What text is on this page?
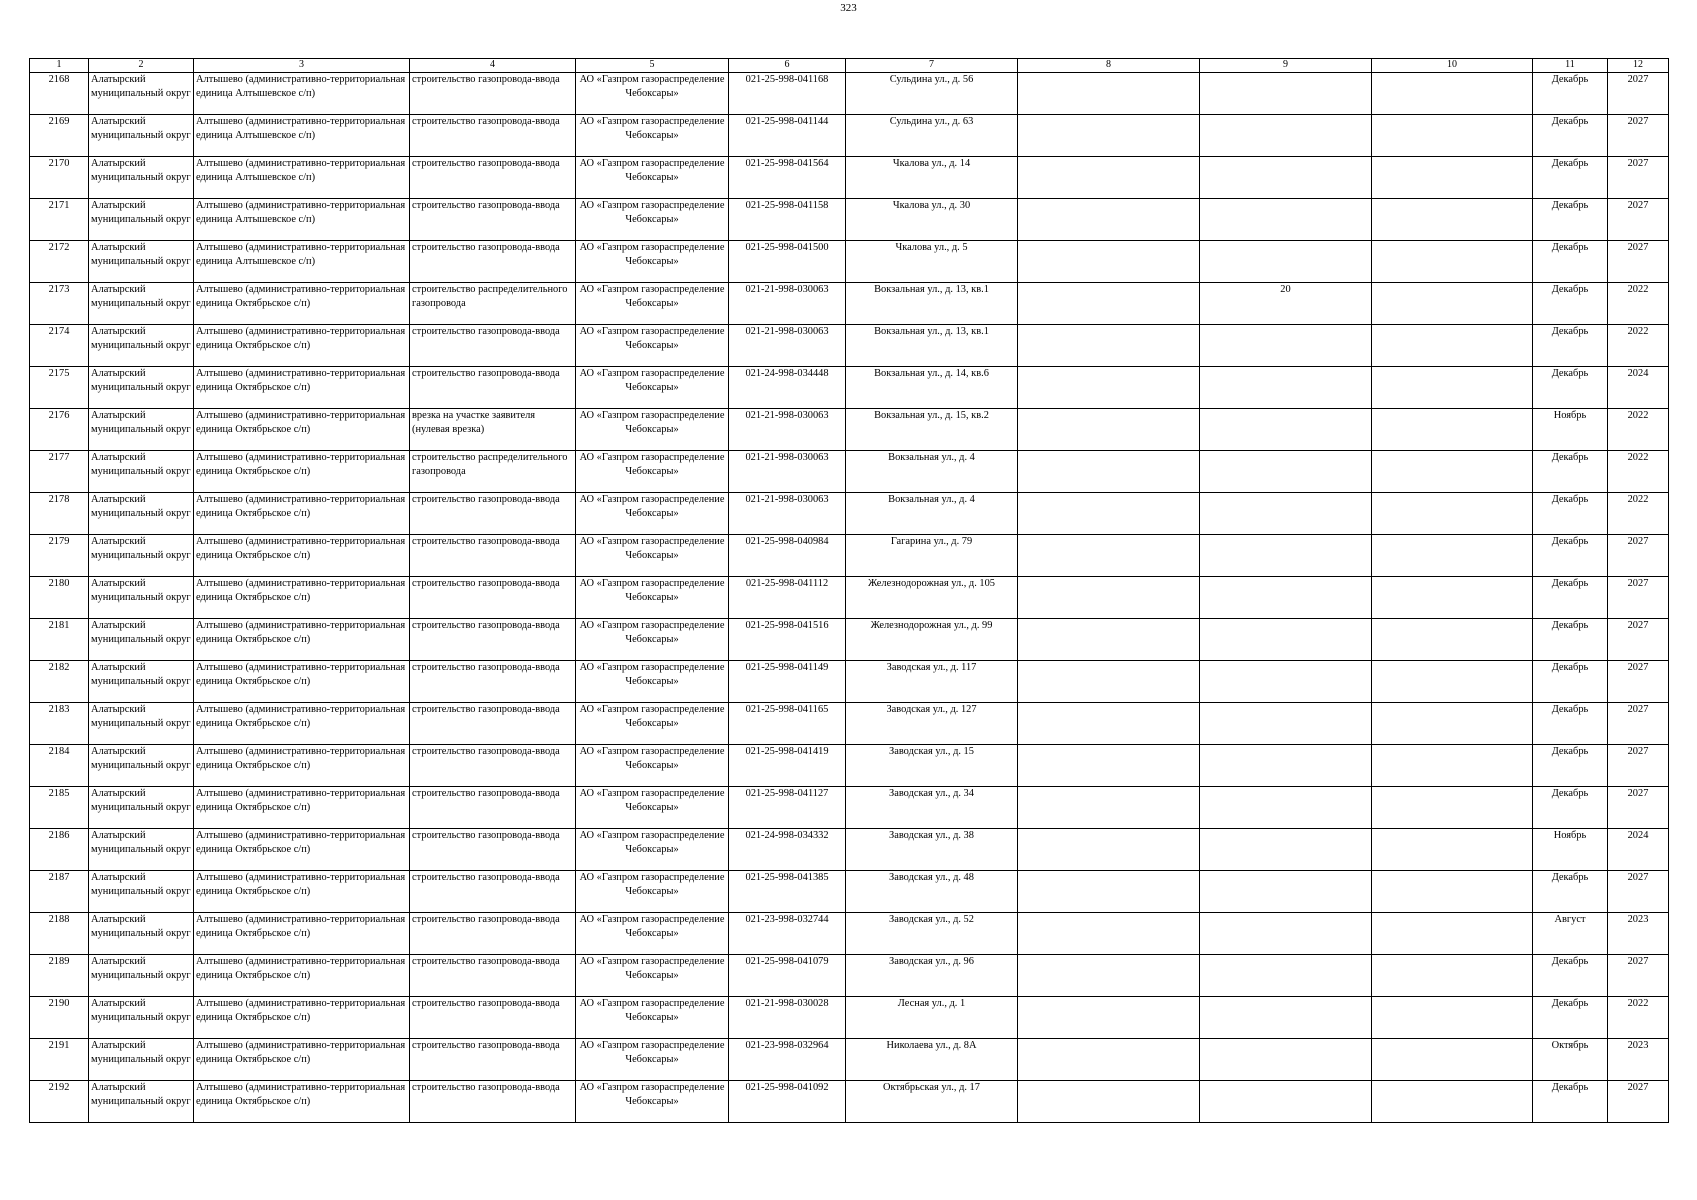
323
1	2	3	4	5	6	7	8	9	10	11	12

2168	Алатырский муниципальный округ	Алтышево (административно-территориальная единица Алтышевское с/п)	строительство газопровода-ввода	АО «Газпром газораспределение Чебоксары»	021-25-998-041168	Сульдина ул., д. 56				Декабрь	2027

2169	Алатырский муниципальный округ	Алтышево (административно-территориальная единица Алтышевское с/п)	строительство газопровода-ввода	АО «Газпром газораспределение Чебоксары»	021-25-998-041144	Сульдина ул., д. 63				Декабрь	2027

2170	Алатырский муниципальный округ	Алтышево (административно-территориальная единица Алтышевское с/п)	строительство газопровода-ввода	АО «Газпром газораспределение Чебоксары»	021-25-998-041564	Чкалова ул., д. 14				Декабрь	2027

2171	Алатырский муниципальный округ	Алтышево (административно-территориальная единица Алтышевское с/п)	строительство газопровода-ввода	АО «Газпром газораспределение Чебоксары»	021-25-998-041158	Чкалова ул., д. 30				Декабрь	2027

2172	Алатырский муниципальный округ	Алтышево (административно-территориальная единица Алтышевское с/п)	строительство газопровода-ввода	АО «Газпром газораспределение Чебоксары»	021-25-998-041500	Чкалова ул., д. 5				Декабрь	2027

2173	Алатырский муниципальный округ	Алтышево (административно-территориальная единица Октябрьское с/п)	строительство распределительного газопровода	АО «Газпром газораспределение Чебоксары»	021-21-998-030063	Вокзальная ул., д. 13, кв.1		20		Декабрь	2022

2174	Алатырский муниципальный округ	Алтышево (административно-территориальная единица Октябрьское с/п)	строительство газопровода-ввода	АО «Газпром газораспределение Чебоксары»	021-21-998-030063	Вокзальная ул., д. 13, кв.1				Декабрь	2022

2175	Алатырский муниципальный округ	Алтышево (административно-территориальная единица Октябрьское с/п)	строительство газопровода-ввода	АО «Газпром газораспределение Чебоксары»	021-24-998-034448	Вокзальная ул., д. 14, кв.6				Декабрь	2024

2176	Алатырский муниципальный округ	Алтышево (административно-территориальная единица Октябрьское с/п)	врезка на участке заявителя (нулевая врезка)	АО «Газпром газораспределение Чебоксары»	021-21-998-030063	Вокзальная ул., д. 15, кв.2				Ноябрь	2022

2177	Алатырский муниципальный округ	Алтышево (административно-территориальная единица Октябрьское с/п)	строительство распределительного газопровода	АО «Газпром газораспределение Чебоксары»	021-21-998-030063	Вокзальная ул., д. 4				Декабрь	2022

2178	Алатырский муниципальный округ	Алтышево (административно-территориальная единица Октябрьское с/п)	строительство газопровода-ввода	АО «Газпром газораспределение Чебоксары»	021-21-998-030063	Вокзальная ул., д. 4				Декабрь	2022

2179	Алатырский муниципальный округ	Алтышево (административно-территориальная единица Октябрьское с/п)	строительство газопровода-ввода	АО «Газпром газораспределение Чебоксары»	021-25-998-040984	Гагарина ул., д. 79				Декабрь	2027

2180	Алатырский муниципальный округ	Алтышево (административно-территориальная единица Октябрьское с/п)	строительство газопровода-ввода	АО «Газпром газораспределение Чебоксары»	021-25-998-041112	Железнодорожная ул., д. 105				Декабрь	2027

2181	Алатырский муниципальный округ	Алтышево (административно-территориальная единица Октябрьское с/п)	строительство газопровода-ввода	АО «Газпром газораспределение Чебоксары»	021-25-998-041516	Железнодорожная ул., д. 99				Декабрь	2027

2182	Алатырский муниципальный округ	Алтышево (административно-территориальная единица Октябрьское с/п)	строительство газопровода-ввода	АО «Газпром газораспределение Чебоксары»	021-25-998-041149	Заводская ул., д. 117				Декабрь	2027

2183	Алатырский муниципальный округ	Алтышево (административно-территориальная единица Октябрьское с/п)	строительство газопровода-ввода	АО «Газпром газораспределение Чебоксары»	021-25-998-041165	Заводская ул., д. 127				Декабрь	2027

2184	Алатырский муниципальный округ	Алтышево (административно-территориальная единица Октябрьское с/п)	строительство газопровода-ввода	АО «Газпром газораспределение Чебоксары»	021-25-998-041419	Заводская ул., д. 15				Декабрь	2027

2185	Алатырский муниципальный округ	Алтышево (административно-территориальная единица Октябрьское с/п)	строительство газопровода-ввода	АО «Газпром газораспределение Чебоксары»	021-25-998-041127	Заводская ул., д. 34				Декабрь	2027

2186	Алатырский муниципальный округ	Алтышево (административно-территориальная единица Октябрьское с/п)	строительство газопровода-ввода	АО «Газпром газораспределение Чебоксары»	021-24-998-034332	Заводская ул., д. 38				Ноябрь	2024

2187	Алатырский муниципальный округ	Алтышево (административно-территориальная единица Октябрьское с/п)	строительство газопровода-ввода	АО «Газпром газораспределение Чебоксары»	021-25-998-041385	Заводская ул., д. 48				Декабрь	2027

2188	Алатырский муниципальный округ	Алтышево (административно-территориальная единица Октябрьское с/п)	строительство газопровода-ввода	АО «Газпром газораспределение Чебоксары»	021-23-998-032744	Заводская ул., д. 52				Август	2023

2189	Алатырский муниципальный округ	Алтышево (административно-территориальная единица Октябрьское с/п)	строительство газопровода-ввода	АО «Газпром газораспределение Чебоксары»	021-25-998-041079	Заводская ул., д. 96				Декабрь	2027

2190	Алатырский муниципальный округ	Алтышево (административно-территориальная единица Октябрьское с/п)	строительство газопровода-ввода	АО «Газпром газораспределение Чебоксары»	021-21-998-030028	Лесная ул., д. 1				Декабрь	2022

2191	Алатырский муниципальный округ	Алтышево (административно-территориальная единица Октябрьское с/п)	строительство газопровода-ввода	АО «Газпром газораспределение Чебоксары»	021-23-998-032964	Николаева ул., д. 8А				Октябрь	2023

2192	Алатырский муниципальный округ	Алтышево (административно-территориальная единица Октябрьское с/п)	строительство газопровода-ввода	АО «Газпром газораспределение Чебоксары»	021-25-998-041092	Октябрьская ул., д. 17				Декабрь	2027
